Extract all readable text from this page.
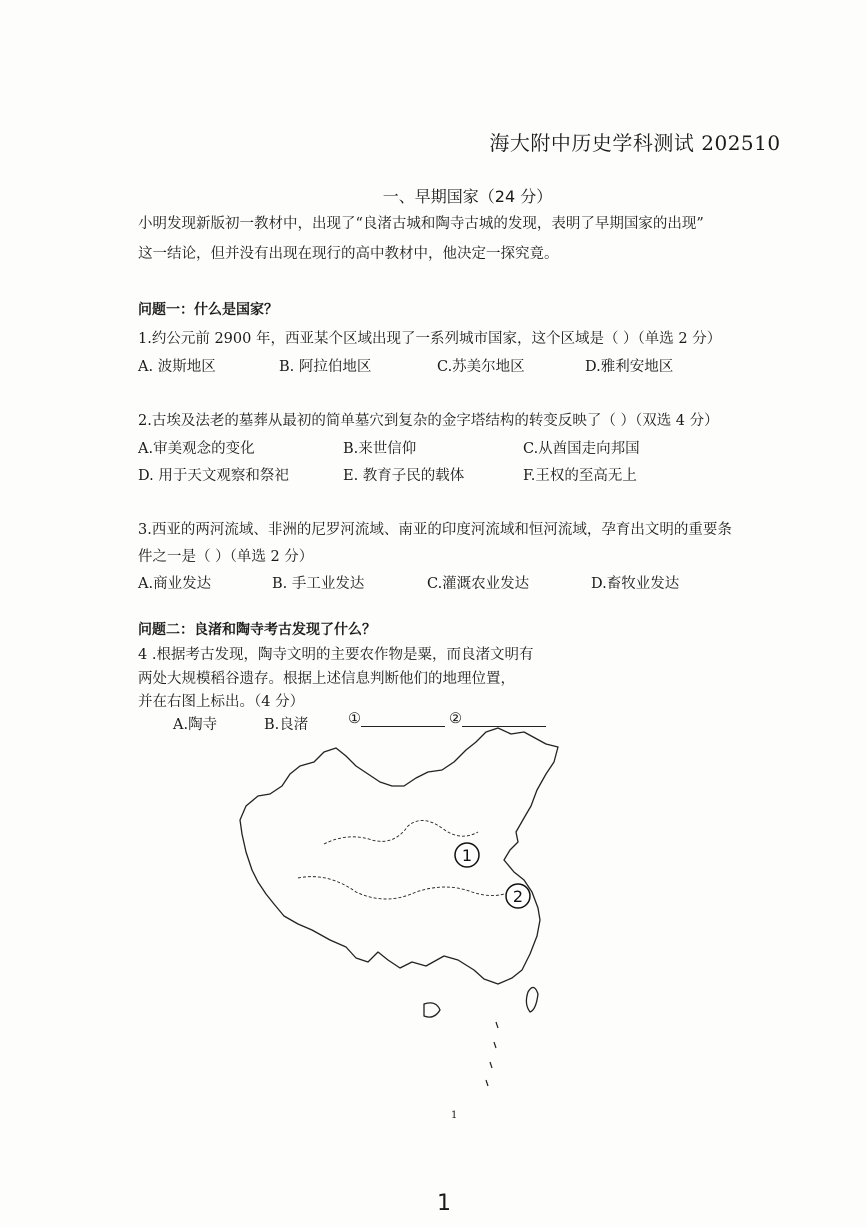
海大附中历史学科测试 202510
一、早期国家（24 分）
小明发现新版初一教材中，出现了“良渚古城和陶寺古城的发现，表明了早期国家的出现”
这一结论，但并没有出现在现行的高中教材中，他决定一探究竟。
问题一：什么是国家？
1.约公元前 2900 年，西亚某个区域出现了一系列城市国家，这个区域是（ ）（单选 2 分）
A. 波斯地区	B. 阿拉伯地区	C.苏美尔地区	D.雅利安地区
2.古埃及法老的墓葬从最初的简单墓穴到复杂的金字塔结构的转变反映了（ ）（双选 4 分）
A.审美观念的变化	B.来世信仰	C.从酋国走向邦国
D. 用于天文观察和祭祀	E. 教育子民的载体	F.王权的至高无上
3.西亚的两河流域、非洲的尼罗河流域、南亚的印度河流域和恒河流域，孕育出文明的重要条
件之一是（ ）（单选 2 分）
A.商业发达	B. 手工业发达	C.灌溉农业发达	D.畜牧业发达
问题二：良渚和陶寺考古发现了什么？
4 .根据考古发现，陶寺文明的主要农作物是粟，而良渚文明有
两处大规模稻谷遗存。根据上述信息判断他们的地理位置，
并在右图上标出。（4 分）
A.陶寺	B.良渚	①	②
1
2
1
1
